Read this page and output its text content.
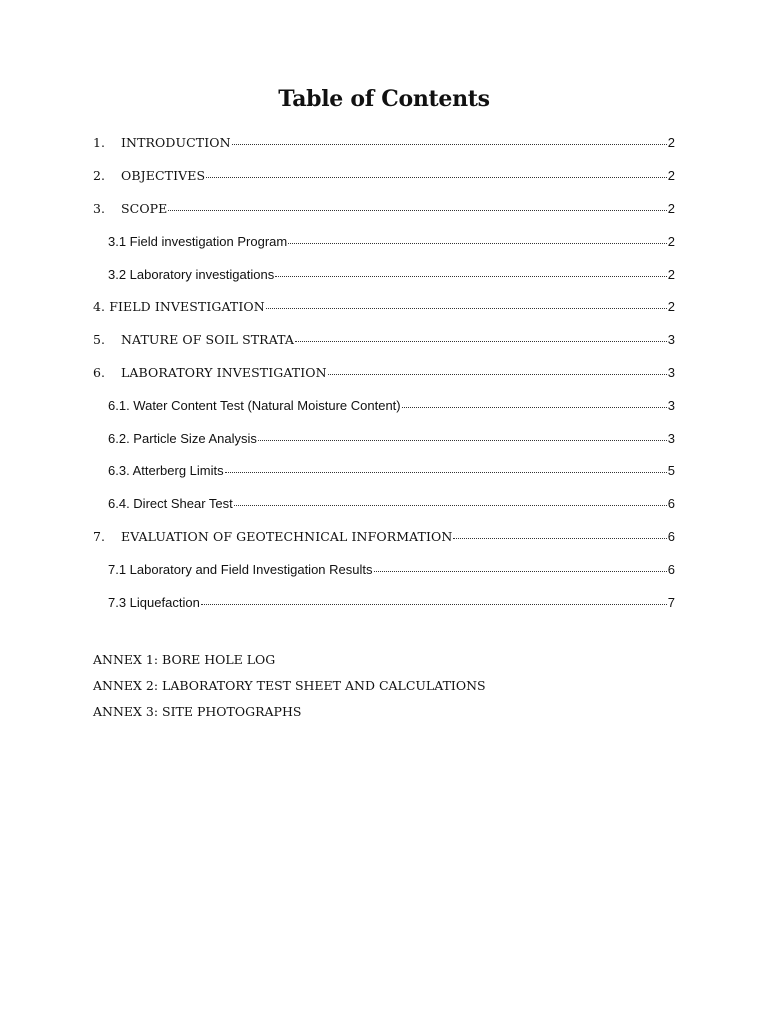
Table of Contents
1.	INTRODUCTION	2
2.	OBJECTIVES	2
3.	SCOPE	2
3.1 Field investigation Program	2
3.2 Laboratory investigations	2
4. FIELD INVESTIGATION	2
5.	NATURE OF SOIL STRATA	3
6.	LABORATORY INVESTIGATION	3
6.1. Water Content Test (Natural Moisture Content)	3
6.2. Particle Size Analysis	3
6.3. Atterberg Limits	5
6.4. Direct Shear Test	6
7.	EVALUATION OF GEOTECHNICAL INFORMATION	6
7.1 Laboratory and Field Investigation Results	6
7.3 Liquefaction	7
ANNEX 1: BORE HOLE LOG
ANNEX 2: LABORATORY TEST SHEET AND CALCULATIONS
ANNEX 3: SITE PHOTOGRAPHS
